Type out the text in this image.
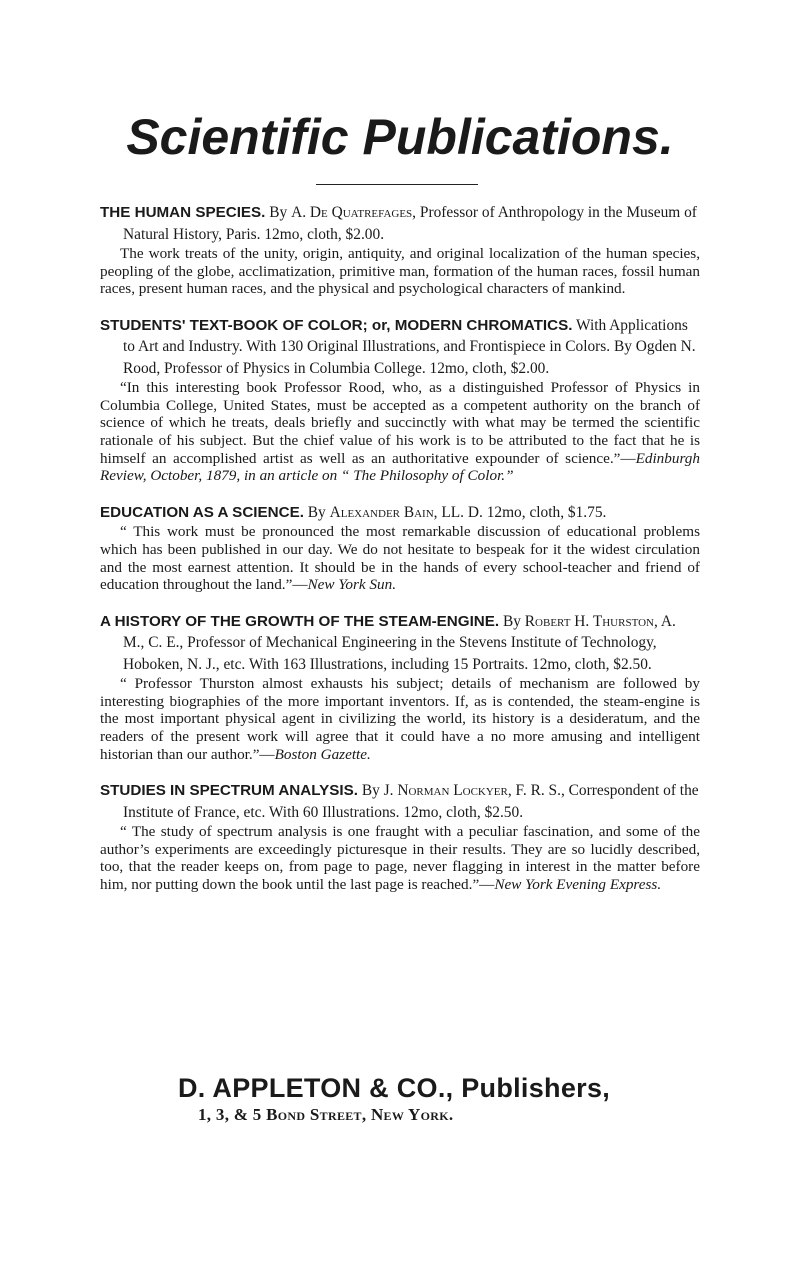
Scientific Publications.

THE HUMAN SPECIES. By A. De Quatrefages, Professor of Anthropology in the Museum of Natural History, Paris. 12mo, cloth, $2.00.

The work treats of the unity, origin, antiquity, and original localization of the human species, peopling of the globe, acclimatization, primitive man, formation of the human races, fossil human races, present human races, and the physical and psychological characters of mankind.

STUDENTS' TEXT-BOOK OF COLOR; or, MODERN CHROMATICS. With Applications to Art and Industry. With 130 Original Illustrations, and Frontispiece in Colors. By Ogden N. Rood, Professor of Physics in Columbia College. 12mo, cloth, $2.00.

“In this interesting book Professor Rood, who, as a distinguished Professor of Physics in Columbia College, United States, must be accepted as a competent authority on the branch of science of which he treats, deals briefly and succinctly with what may be termed the scientific rationale of his subject. But the chief value of his work is to be attributed to the fact that he is himself an accomplished artist as well as an authoritative expounder of science.”—Edinburgh Review, October, 1879, in an article on “ The Philosophy of Color.”

EDUCATION AS A SCIENCE. By Alexander Bain, LL. D. 12mo, cloth, $1.75.

“ This work must be pronounced the most remarkable discussion of educational problems which has been published in our day. We do not hesitate to bespeak for it the widest circulation and the most earnest attention. It should be in the hands of every school-teacher and friend of education throughout the land.”—New York Sun.

A HISTORY OF THE GROWTH OF THE STEAM-ENGINE. By Robert H. Thurston, A. M., C. E., Professor of Mechanical Engineering in the Stevens Institute of Technology, Hoboken, N. J., etc. With 163 Illustrations, including 15 Portraits. 12mo, cloth, $2.50.

“ Professor Thurston almost exhausts his subject; details of mechanism are followed by interesting biographies of the more important inventors. If, as is contended, the steam-engine is the most important physical agent in civilizing the world, its history is a desideratum, and the readers of the present work will agree that it could have a no more amusing and intelligent historian than our author.”—Boston Gazette.

STUDIES IN SPECTRUM ANALYSIS. By J. Norman Lockyer, F. R. S., Correspondent of the Institute of France, etc. With 60 Illustrations. 12mo, cloth, $2.50.

“ The study of spectrum analysis is one fraught with a peculiar fascination, and some of the author’s experiments are exceedingly picturesque in their results. They are so lucidly described, too, that the reader keeps on, from page to page, never flagging in interest in the matter before him, nor putting down the book until the last page is reached.”—New York Evening Express.

D. APPLETON & CO., Publishers,

1, 3, & 5 Bond Street, New York.
